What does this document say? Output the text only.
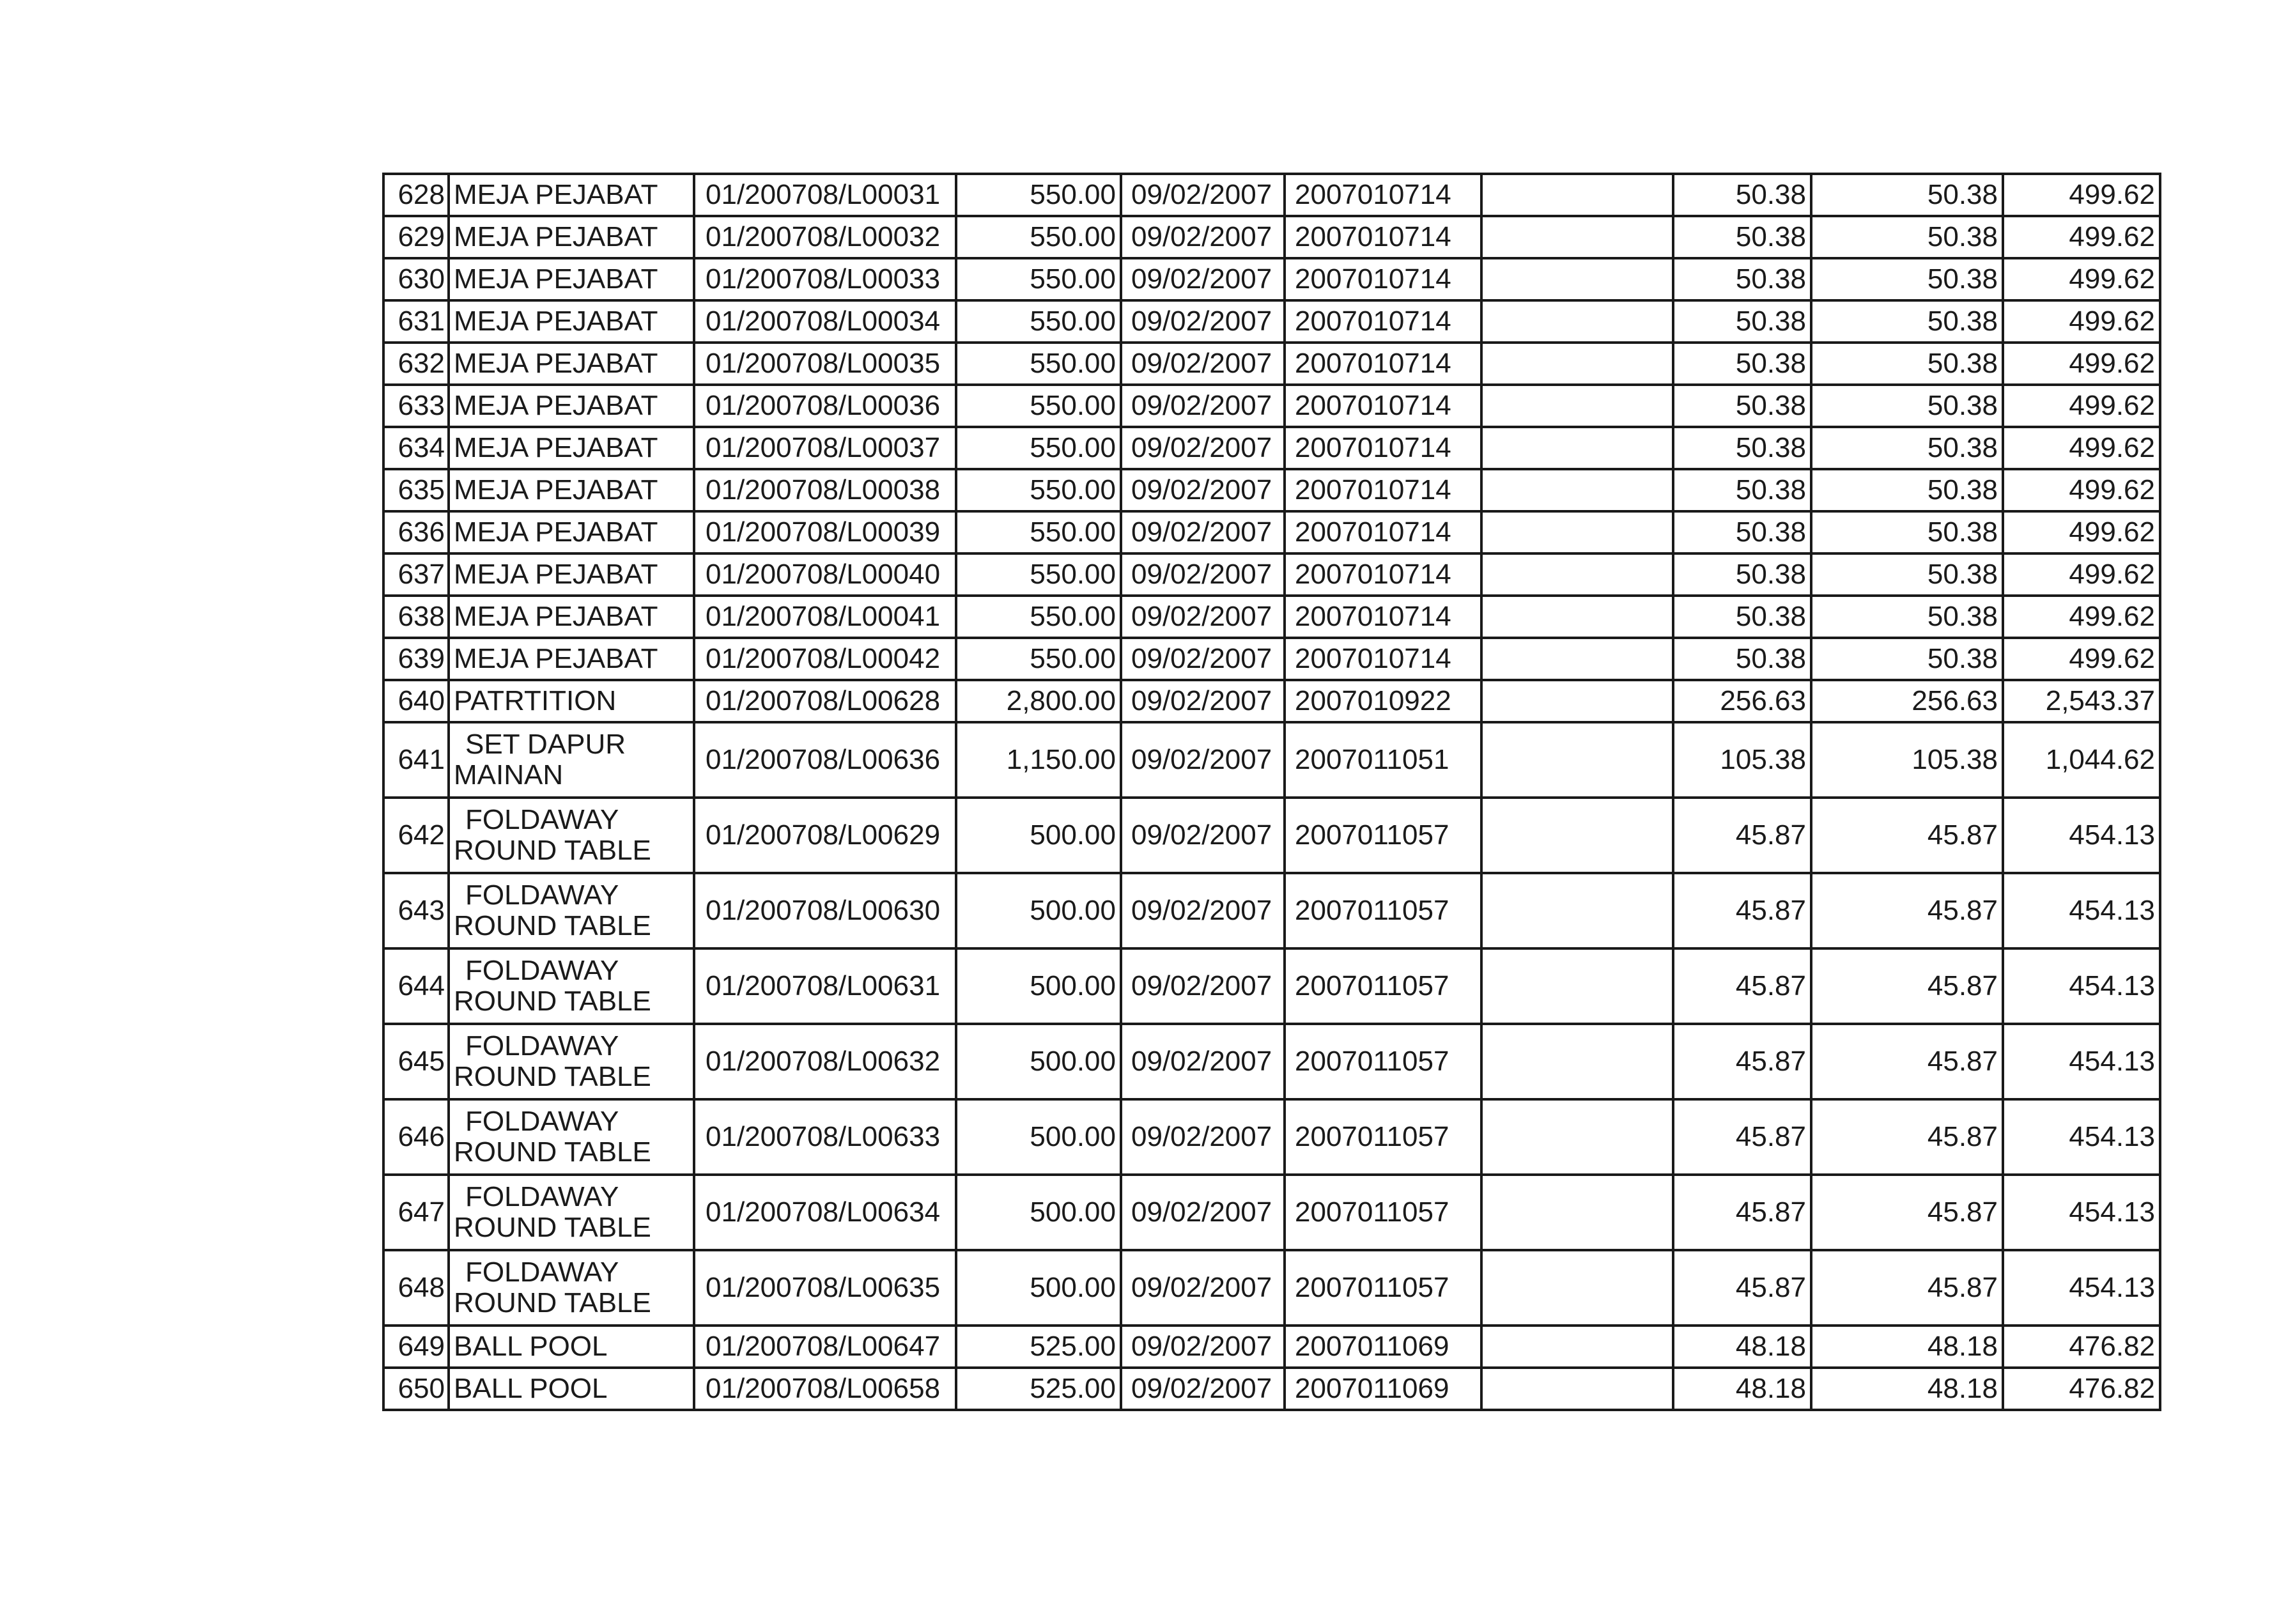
628	MEJA PEJABAT	01/200708/L00031	550.00	09/02/2007	2007010714		50.38	50.38	499.62
629	MEJA PEJABAT	01/200708/L00032	550.00	09/02/2007	2007010714		50.38	50.38	499.62
630	MEJA PEJABAT	01/200708/L00033	550.00	09/02/2007	2007010714		50.38	50.38	499.62
631	MEJA PEJABAT	01/200708/L00034	550.00	09/02/2007	2007010714		50.38	50.38	499.62
632	MEJA PEJABAT	01/200708/L00035	550.00	09/02/2007	2007010714		50.38	50.38	499.62
633	MEJA PEJABAT	01/200708/L00036	550.00	09/02/2007	2007010714		50.38	50.38	499.62
634	MEJA PEJABAT	01/200708/L00037	550.00	09/02/2007	2007010714		50.38	50.38	499.62
635	MEJA PEJABAT	01/200708/L00038	550.00	09/02/2007	2007010714		50.38	50.38	499.62
636	MEJA PEJABAT	01/200708/L00039	550.00	09/02/2007	2007010714		50.38	50.38	499.62
637	MEJA PEJABAT	01/200708/L00040	550.00	09/02/2007	2007010714		50.38	50.38	499.62
638	MEJA PEJABAT	01/200708/L00041	550.00	09/02/2007	2007010714		50.38	50.38	499.62
639	MEJA PEJABAT	01/200708/L00042	550.00	09/02/2007	2007010714		50.38	50.38	499.62
640	PATRTITION	01/200708/L00628	2,800.00	09/02/2007	2007010922		256.63	256.63	2,543.37
641	SET DAPUR
MAINAN	01/200708/L00636	1,150.00	09/02/2007	2007011051		105.38	105.38	1,044.62
642	FOLDAWAY
ROUND TABLE	01/200708/L00629	500.00	09/02/2007	2007011057		45.87	45.87	454.13
643	FOLDAWAY
ROUND TABLE	01/200708/L00630	500.00	09/02/2007	2007011057		45.87	45.87	454.13
644	FOLDAWAY
ROUND TABLE	01/200708/L00631	500.00	09/02/2007	2007011057		45.87	45.87	454.13
645	FOLDAWAY
ROUND TABLE	01/200708/L00632	500.00	09/02/2007	2007011057		45.87	45.87	454.13
646	FOLDAWAY
ROUND TABLE	01/200708/L00633	500.00	09/02/2007	2007011057		45.87	45.87	454.13
647	FOLDAWAY
ROUND TABLE	01/200708/L00634	500.00	09/02/2007	2007011057		45.87	45.87	454.13
648	FOLDAWAY
ROUND TABLE	01/200708/L00635	500.00	09/02/2007	2007011057		45.87	45.87	454.13
649	BALL POOL	01/200708/L00647	525.00	09/02/2007	2007011069		48.18	48.18	476.82
650	BALL POOL	01/200708/L00658	525.00	09/02/2007	2007011069		48.18	48.18	476.82
